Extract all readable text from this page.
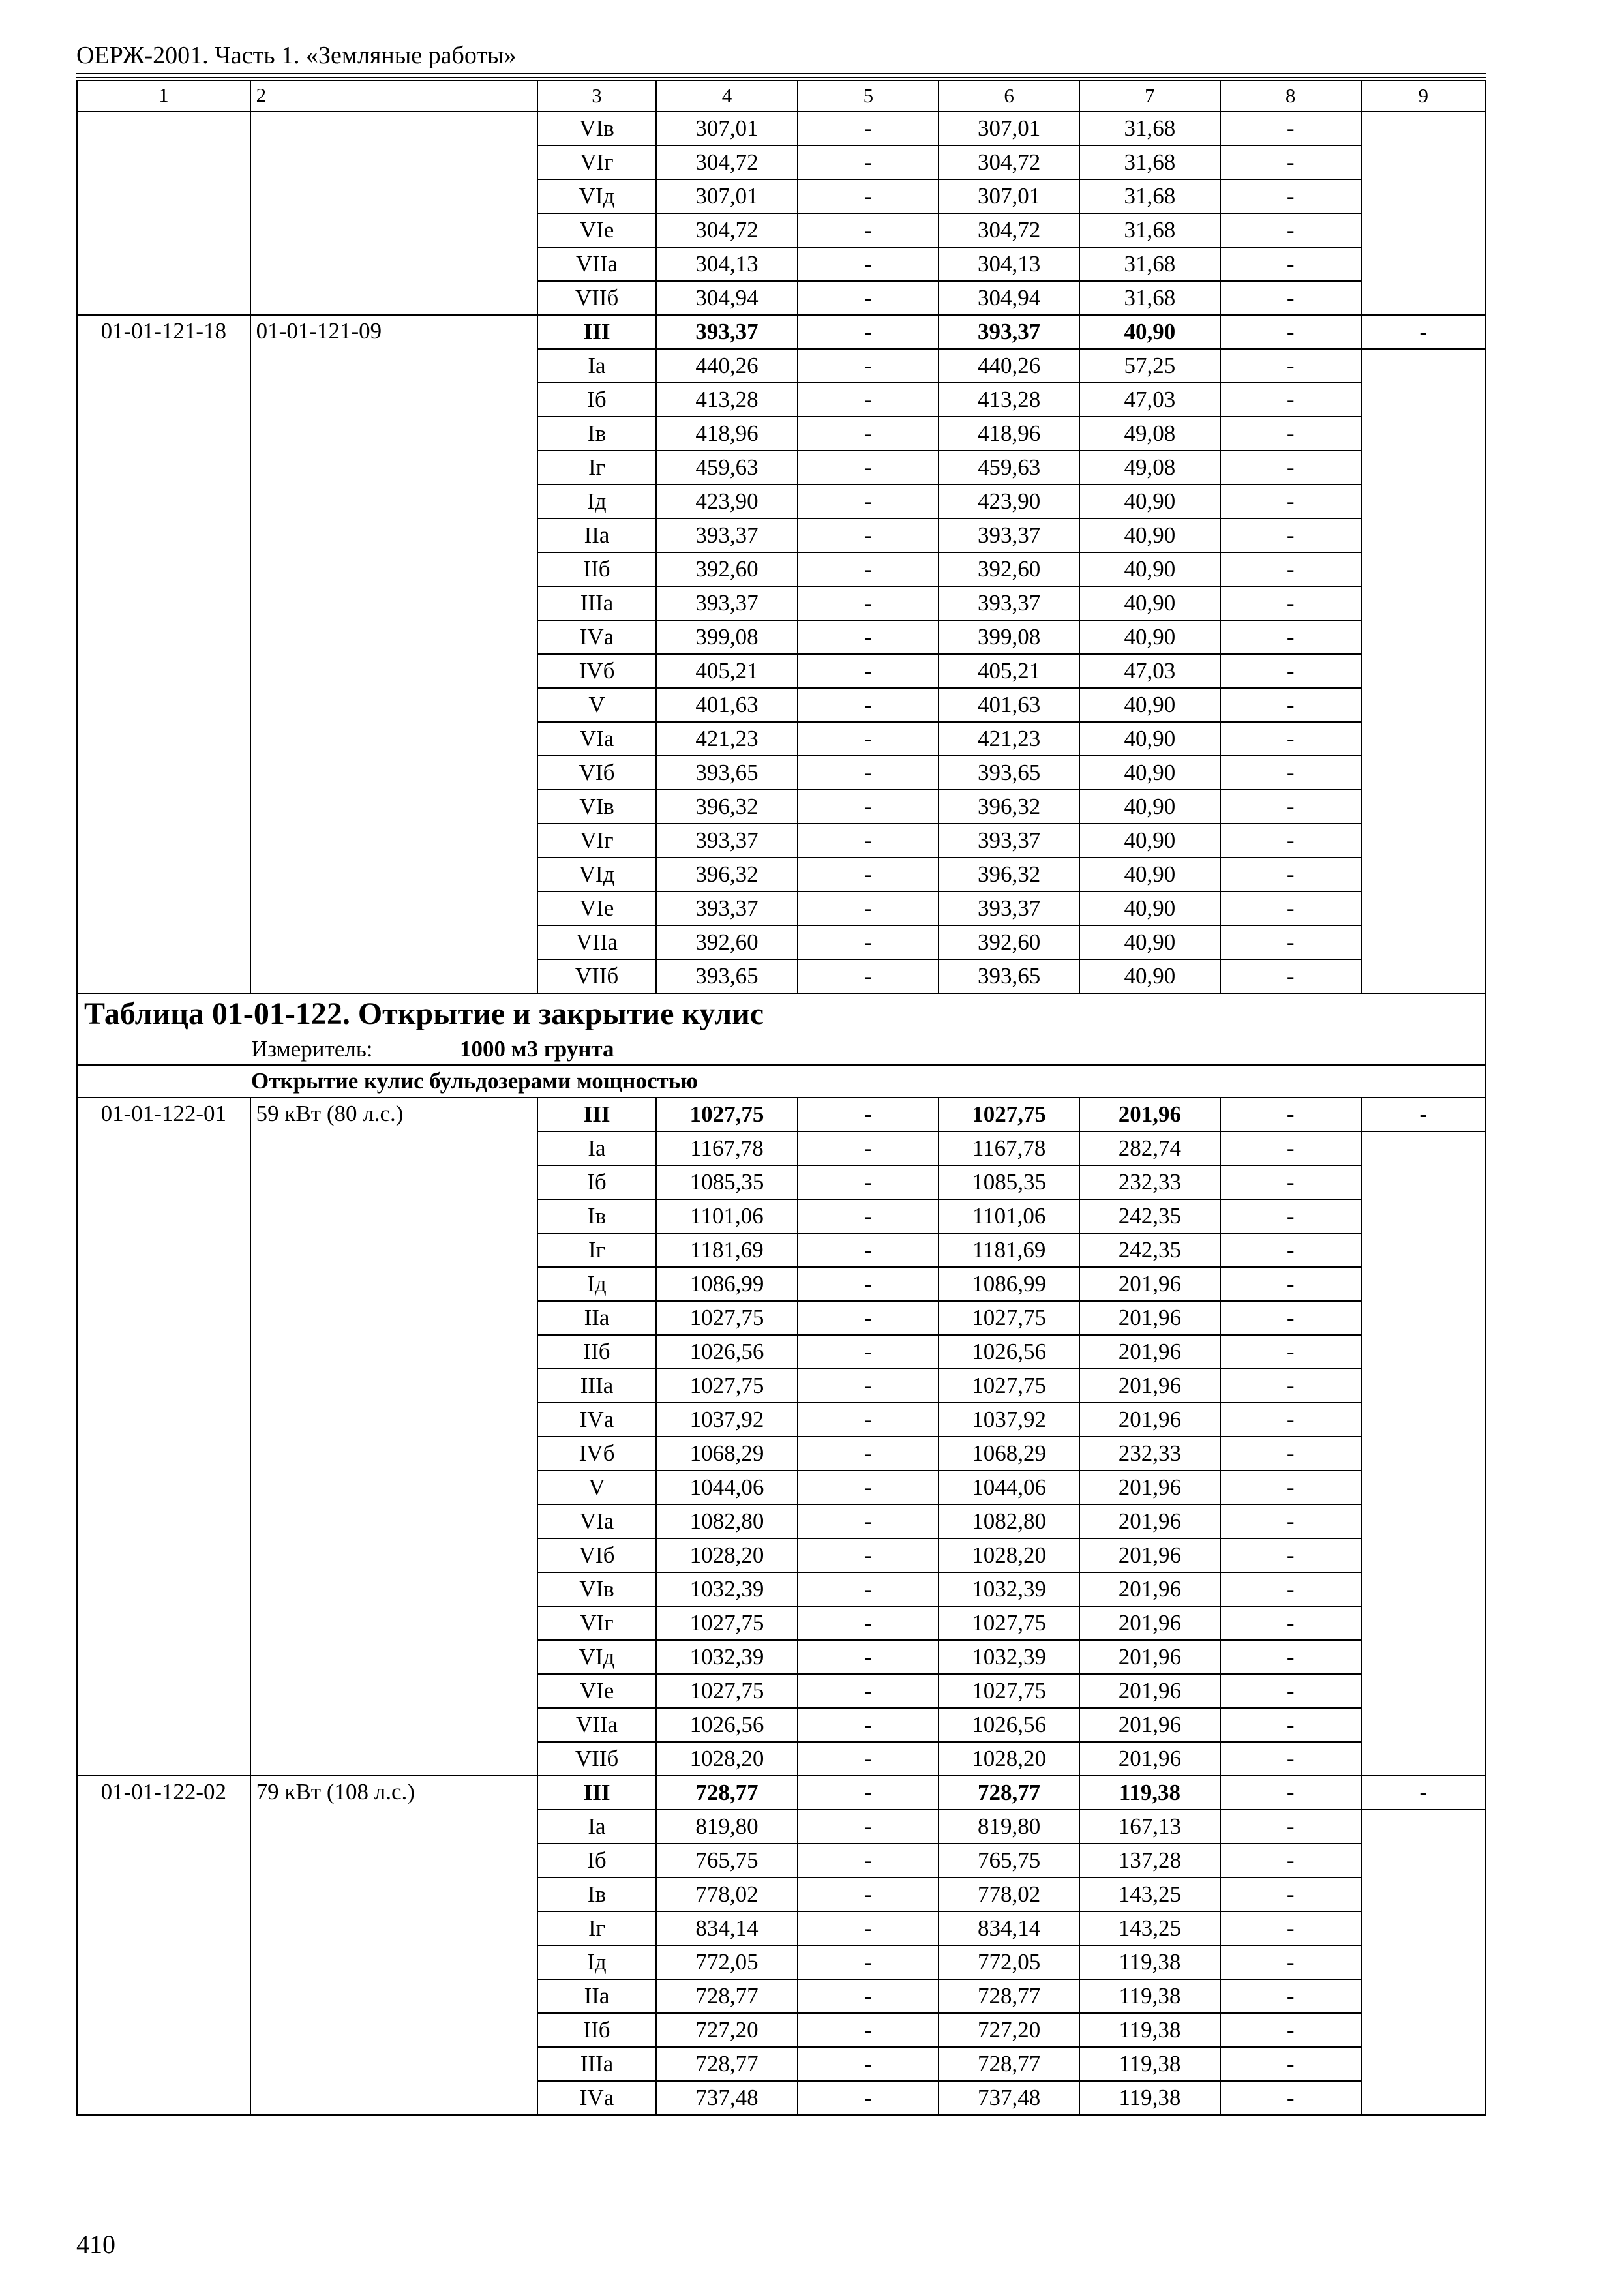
ОЕРЖ-2001. Часть 1. «Земляные работы»
1	2	3	4	5	6	7	8	9
		VIв	307,01	-	307,01	31,68	-	
		VIг	304,72	-	304,72	31,68	-	
		VIд	307,01	-	307,01	31,68	-	
		VIе	304,72	-	304,72	31,68	-	
		VIIа	304,13	-	304,13	31,68	-	
		VIIб	304,94	-	304,94	31,68	-	
01-01-121-18	01-01-121-09	III	393,37	-	393,37	40,90	-	-
		Iа	440,26	-	440,26	57,25	-	
		Iб	413,28	-	413,28	47,03	-	
		Iв	418,96	-	418,96	49,08	-	
		Iг	459,63	-	459,63	49,08	-	
		Iд	423,90	-	423,90	40,90	-	
		IIа	393,37	-	393,37	40,90	-	
		IIб	392,60	-	392,60	40,90	-	
		IIIа	393,37	-	393,37	40,90	-	
		IVа	399,08	-	399,08	40,90	-	
		IVб	405,21	-	405,21	47,03	-	
		V	401,63	-	401,63	40,90	-	
		VIа	421,23	-	421,23	40,90	-	
		VIб	393,65	-	393,65	40,90	-	
		VIв	396,32	-	396,32	40,90	-	
		VIг	393,37	-	393,37	40,90	-	
		VIд	396,32	-	396,32	40,90	-	
		VIе	393,37	-	393,37	40,90	-	
		VIIа	392,60	-	392,60	40,90	-	
		VIIб	393,65	-	393,65	40,90	-	
Таблица 01-01-122. Открытие и закрытие кулис								
Измеритель: 1000 м3 грунта								
Открытие кулис бульдозерами мощностью								
01-01-122-01	59 кВт (80 л.с.)	III	1027,75	-	1027,75	201,96	-	-
		Iа	1167,78	-	1167,78	282,74	-	
		Iб	1085,35	-	1085,35	232,33	-	
		Iв	1101,06	-	1101,06	242,35	-	
		Iг	1181,69	-	1181,69	242,35	-	
		Iд	1086,99	-	1086,99	201,96	-	
		IIа	1027,75	-	1027,75	201,96	-	
		IIб	1026,56	-	1026,56	201,96	-	
		IIIа	1027,75	-	1027,75	201,96	-	
		IVа	1037,92	-	1037,92	201,96	-	
		IVб	1068,29	-	1068,29	232,33	-	
		V	1044,06	-	1044,06	201,96	-	
		VIа	1082,80	-	1082,80	201,96	-	
		VIб	1028,20	-	1028,20	201,96	-	
		VIв	1032,39	-	1032,39	201,96	-	
		VIг	1027,75	-	1027,75	201,96	-	
		VIд	1032,39	-	1032,39	201,96	-	
		VIе	1027,75	-	1027,75	201,96	-	
		VIIа	1026,56	-	1026,56	201,96	-	
		VIIб	1028,20	-	1028,20	201,96	-	
01-01-122-02	79 кВт (108 л.с.)	III	728,77	-	728,77	119,38	-	-
		Iа	819,80	-	819,80	167,13	-	
		Iб	765,75	-	765,75	137,28	-	
		Iв	778,02	-	778,02	143,25	-	
		Iг	834,14	-	834,14	143,25	-	
		Iд	772,05	-	772,05	119,38	-	
		IIа	728,77	-	728,77	119,38	-	
		IIб	727,20	-	727,20	119,38	-	
		IIIа	728,77	-	728,77	119,38	-	
		IVа	737,48	-	737,48	119,38	-	
410
